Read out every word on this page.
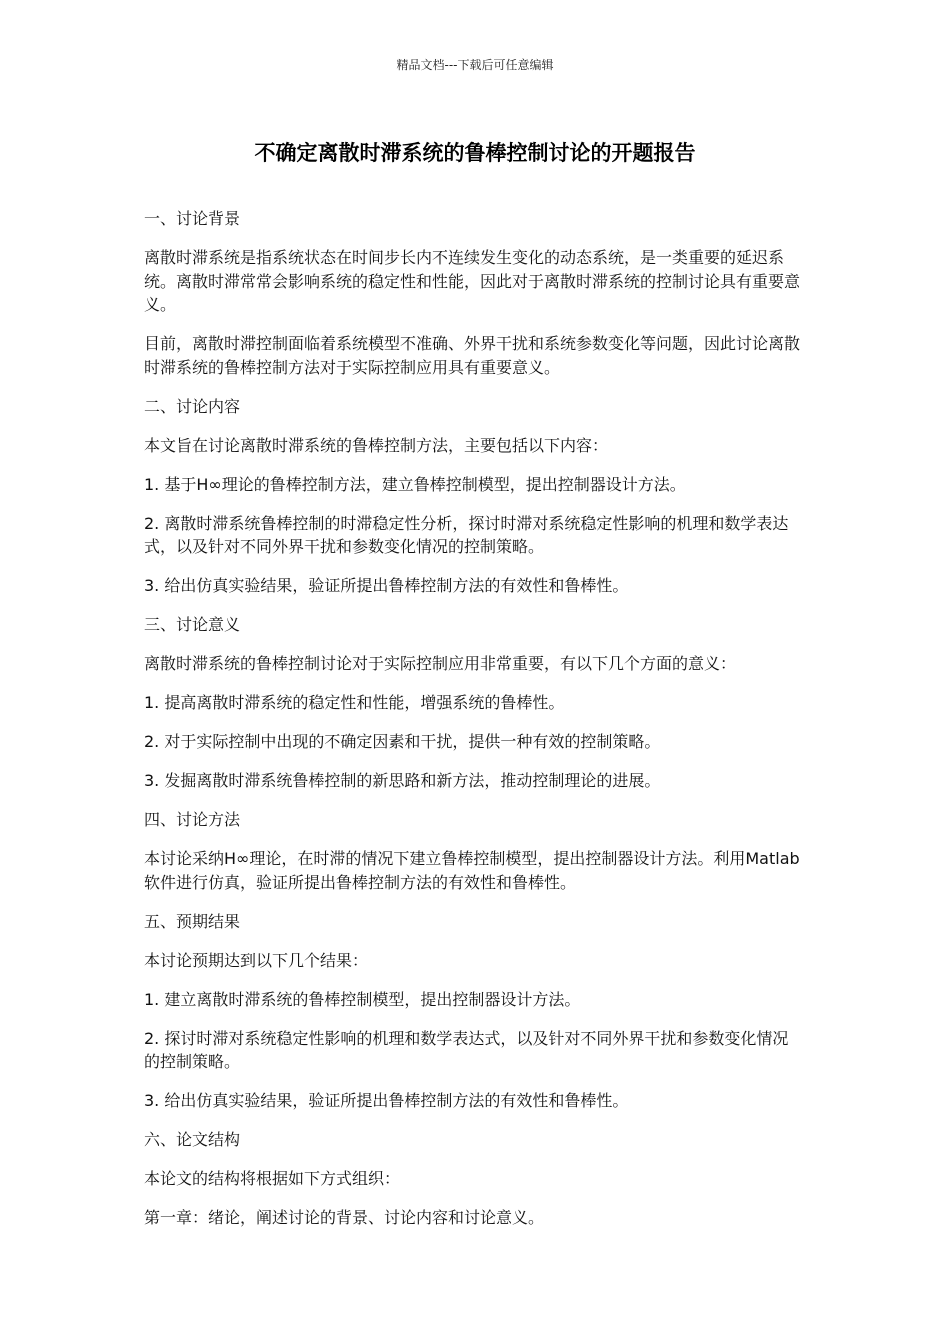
精品文档---下载后可任意编辑
不确定离散时滞系统的鲁棒控制讨论的开题报告
一、讨论背景

离散时滞系统是指系统状态在时间步长内不连续发生变化的动态系统，是一类重要的延迟系统。离散时滞常常会影响系统的稳定性和性能，因此对于离散时滞系统的控制讨论具有重要意义。

目前，离散时滞控制面临着系统模型不准确、外界干扰和系统参数变化等问题，因此讨论离散时滞系统的鲁棒控制方法对于实际控制应用具有重要意义。

二、讨论内容

本文旨在讨论离散时滞系统的鲁棒控制方法，主要包括以下内容：

1. 基于H∞理论的鲁棒控制方法，建立鲁棒控制模型，提出控制器设计方法。

2. 离散时滞系统鲁棒控制的时滞稳定性分析，探讨时滞对系统稳定性影响的机理和数学表达式，以及针对不同外界干扰和参数变化情况的控制策略。

3. 给出仿真实验结果，验证所提出鲁棒控制方法的有效性和鲁棒性。

三、讨论意义

离散时滞系统的鲁棒控制讨论对于实际控制应用非常重要，有以下几个方面的意义：

1. 提高离散时滞系统的稳定性和性能，增强系统的鲁棒性。

2. 对于实际控制中出现的不确定因素和干扰，提供一种有效的控制策略。

3. 发掘离散时滞系统鲁棒控制的新思路和新方法，推动控制理论的进展。

四、讨论方法

本讨论采纳H∞理论，在时滞的情况下建立鲁棒控制模型，提出控制器设计方法。利用Matlab软件进行仿真，验证所提出鲁棒控制方法的有效性和鲁棒性。

五、预期结果

本讨论预期达到以下几个结果：

1. 建立离散时滞系统的鲁棒控制模型，提出控制器设计方法。

2. 探讨时滞对系统稳定性影响的机理和数学表达式，以及针对不同外界干扰和参数变化情况的控制策略。

3. 给出仿真实验结果，验证所提出鲁棒控制方法的有效性和鲁棒性。

六、论文结构

本论文的结构将根据如下方式组织：

第一章：绪论，阐述讨论的背景、讨论内容和讨论意义。
